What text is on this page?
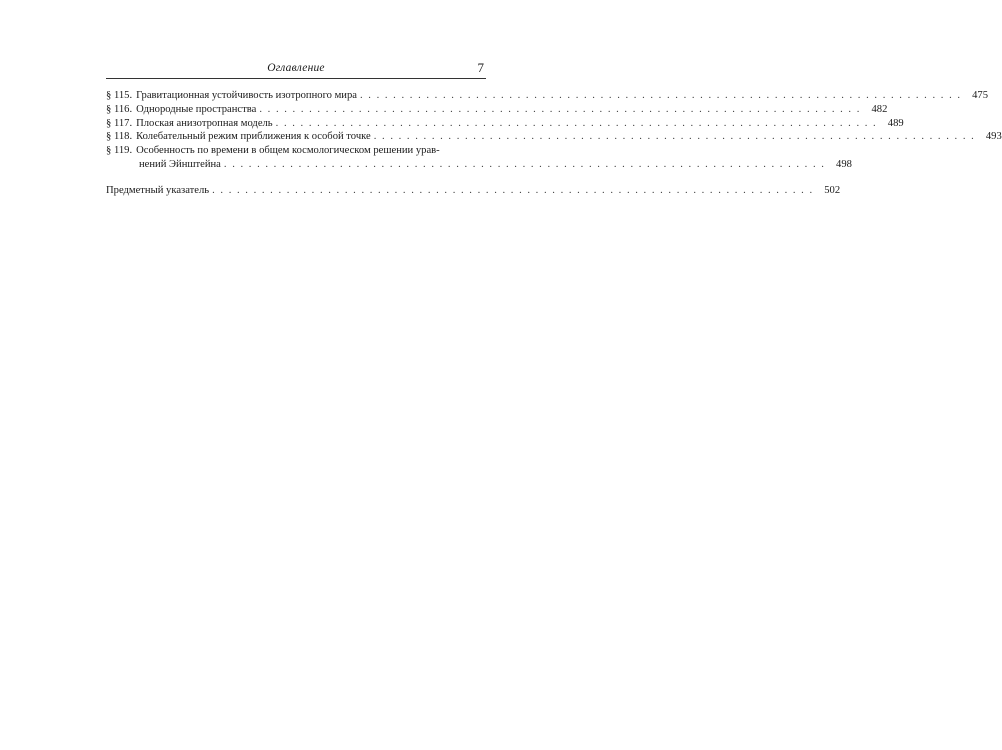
Оглавление	7
§ 115. Гравитационная устойчивость изотропного мира . . .	475
§ 116. Однородные пространства . . .	482
§ 117. Плоская анизотропная модель . . .	489
§ 118. Колебательный режим приближения к особой точке . . .	493
§ 119. Особенность по времени в общем космологическом решении урав-
нений Эйнштейна . . .	498
Предметный указатель . . .	502
